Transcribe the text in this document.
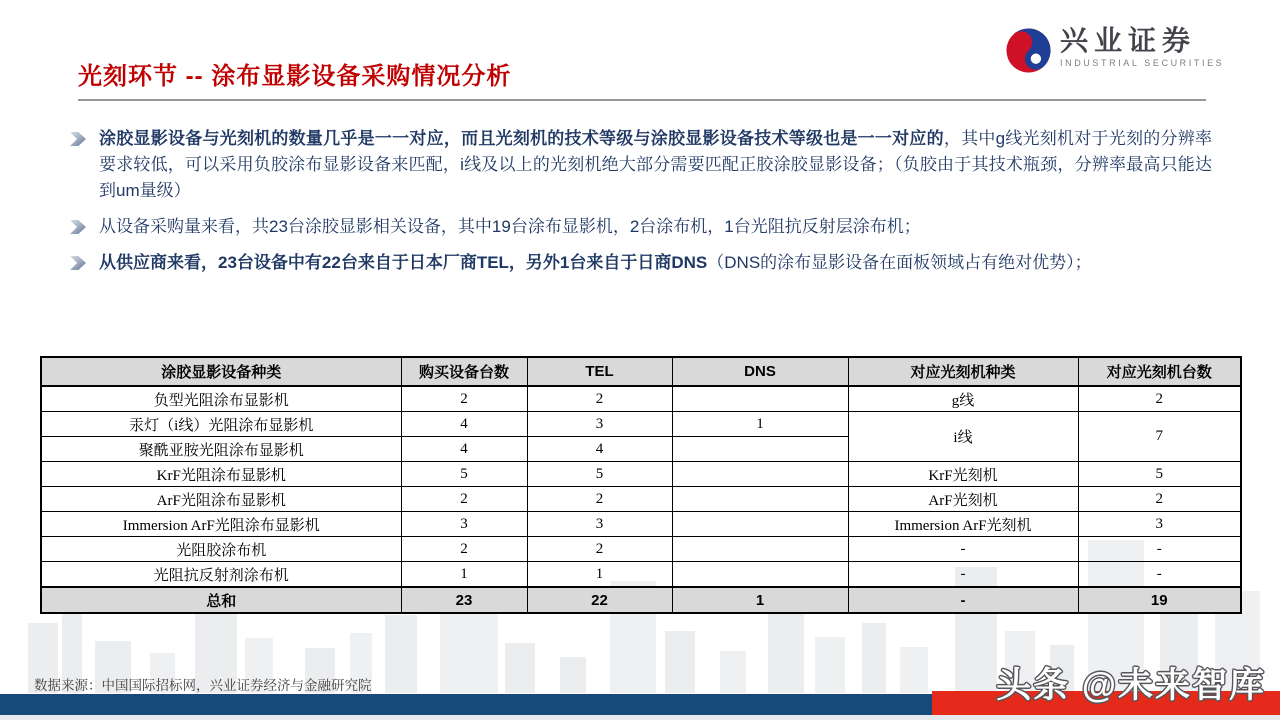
光刻环节 -- 涂布显影设备采购情况分析
兴业证券
INDUSTRIAL SECURITIES

涂胶显影设备与光刻机的数量几乎是一一对应，而且光刻机的技术等级与涂胶显影设备技术等级也是一一对应的，其中g线光刻机对于光刻的分辨率要求较低，可以采用负胶涂布显影设备来匹配，i线及以上的光刻机绝大部分需要匹配正胶涂胶显影设备；（负胶由于其技术瓶颈，分辨率最高只能达到um量级）

从设备采购量来看，共23台涂胶显影相关设备，其中19台涂布显影机，2台涂布机，1台光阻抗反射层涂布机；

从供应商来看，23台设备中有22台来自于日本厂商TEL，另外1台来自于日商DNS（DNS的涂布显影设备在面板领域占有绝对优势）；

涂胶显影设备种类	购买设备台数	TEL	DNS	对应光刻机种类	对应光刻机台数
负型光阻涂布显影机	2	2		g线	2
汞灯（i线）光阻涂布显影机	4	3	1	i线	7
聚酰亚胺光阻涂布显影机	4	4			
KrF光阻涂布显影机	5	5		KrF光刻机	5
ArF光阻涂布显影机	2	2		ArF光刻机	2
Immersion ArF光阻涂布显影机	3	3		Immersion ArF光刻机	3
光阻胶涂布机	2	2		-	-
光阻抗反射剂涂布机	1	1		-	-
总和	23	22	1	-	19
数据来源：中国国际招标网，兴业证券经济与金融研究院	头条 @未来智库
